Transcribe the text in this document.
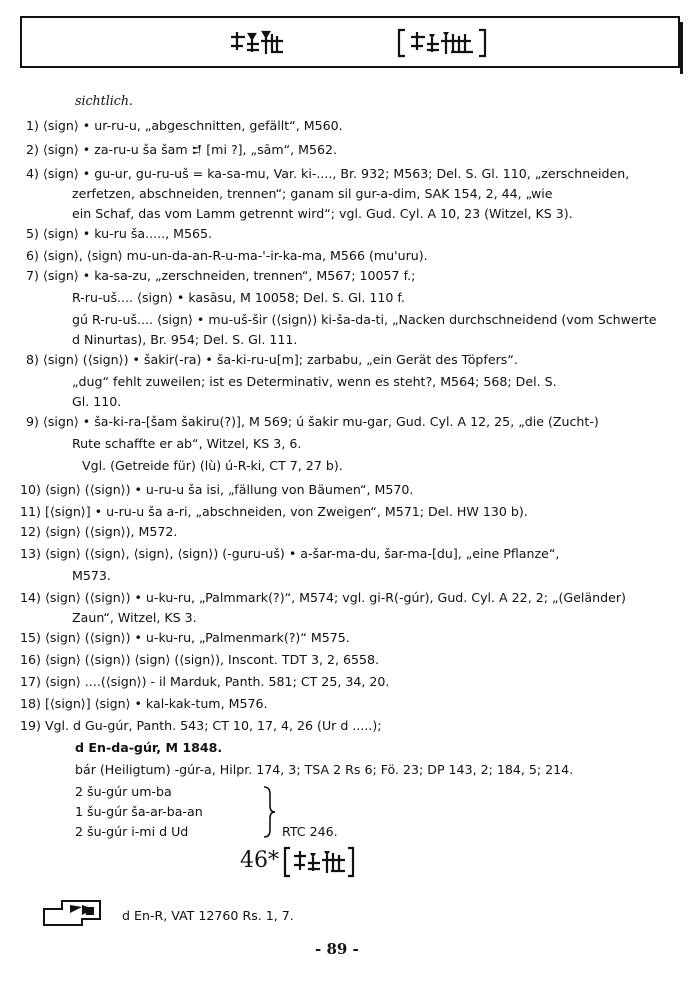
sichtlich.
1) ⟨sign⟩ • ur-ru-u, „abgeschnitten, gefällt“, M560.
2) ⟨sign⟩ • za-ru-u ša šam 𒄑 [mi ?], „sām“, M562.
4) ⟨sign⟩ • gu-ur, gu-ru-uš = ka-sa-mu, Var. ki-...., Br. 932; M563; Del. S. Gl. 110, „zerschneiden,
zerfetzen, abschneiden, trennen“; ganam sil gur-a-dim, SAK 154, 2, 44, „wie
ein Schaf, das vom Lamm getrennt wird“; vgl. Gud. Cyl. A 10, 23 (Witzel, KS 3).
5) ⟨sign⟩ • ku-ru ša....., M565.
6) ⟨sign⟩, ⟨sign⟩ mu-un-da-an-R-u-ma-'-ir-ka-ma, M566 (mu'uru).
7) ⟨sign⟩ • ka-sa-zu, „zerschneiden, trennen“, M567; 10057 f.;
R-ru-uš.... ⟨sign⟩ • kasāsu, M 10058; Del. S. Gl. 110 f.
gú R-ru-uš.... ⟨sign⟩ • mu-uš-šir (⟨sign⟩) ki-ša-da-ti, „Nacken durchschneidend (vom Schwerte
d Ninurtas), Br. 954; Del. S. Gl. 111.
8) ⟨sign⟩ (⟨sign⟩) • šakir(-ra) • ša-ki-ru-u[m]; zarbabu, „ein Gerät des Töpfers“.
„dug“ fehlt zuweilen; ist es Determinativ, wenn es steht?, M564; 568; Del. S.
Gl. 110.
9) ⟨sign⟩ • ša-ki-ra-[šam šakiru(?)], M 569; ú šakir mu-gar, Gud. Cyl. A 12, 25, „die (Zucht-)
Rute schaffte er ab“, Witzel, KS 3, 6.
Vgl. (Getreide für) (lù) ú-R-ki, CT 7, 27 b).
10) ⟨sign⟩ (⟨sign⟩) • u-ru-u ša isi, „fällung von Bäumen“, M570.
11) [⟨sign⟩] • u-ru-u ša a-ri, „abschneiden, von Zweigen“, M571; Del. HW 130 b).
12) ⟨sign⟩ (⟨sign⟩), M572.
13) ⟨sign⟩ (⟨sign⟩, ⟨sign⟩, ⟨sign⟩) (-guru-uš) • a-šar-ma-du, šar-ma-[du], „eine Pflanze“,
M573.
14) ⟨sign⟩ (⟨sign⟩) • u-ku-ru, „Palmmark(?)“, M574; vgl. gi-R(-gúr), Gud. Cyl. A 22, 2; „(Geländer)
Zaun“, Witzel, KS 3.
15) ⟨sign⟩ (⟨sign⟩) • u-ku-ru, „Palmenmark(?)“ M575.
16) ⟨sign⟩ (⟨sign⟩) ⟨sign⟩ (⟨sign⟩), Inscont. TDT 3, 2, 6558.
17) ⟨sign⟩ ....(⟨sign⟩) - il Marduk, Panth. 581; CT 25, 34, 20.
18) [⟨sign⟩] ⟨sign⟩ • kal-kak-tum, M576.
19) Vgl. d Gu-gúr, Panth. 543; CT 10, 17, 4, 26 (Ur d .....);
d En-da-gúr, M 1848.
bár (Heiligtum) -gúr-a, Hilpr. 174, 3; TSA 2 Rs 6; Fö. 23; DP 143, 2; 184, 5; 214.
2 šu-gúr um-ba
1 šu-gúr ša-ar-ba-an
2 šu-gúr i-mi d Ud	RTC 246.
46*
d En-R, VAT 12760 Rs. 1, 7.
- 89 -
